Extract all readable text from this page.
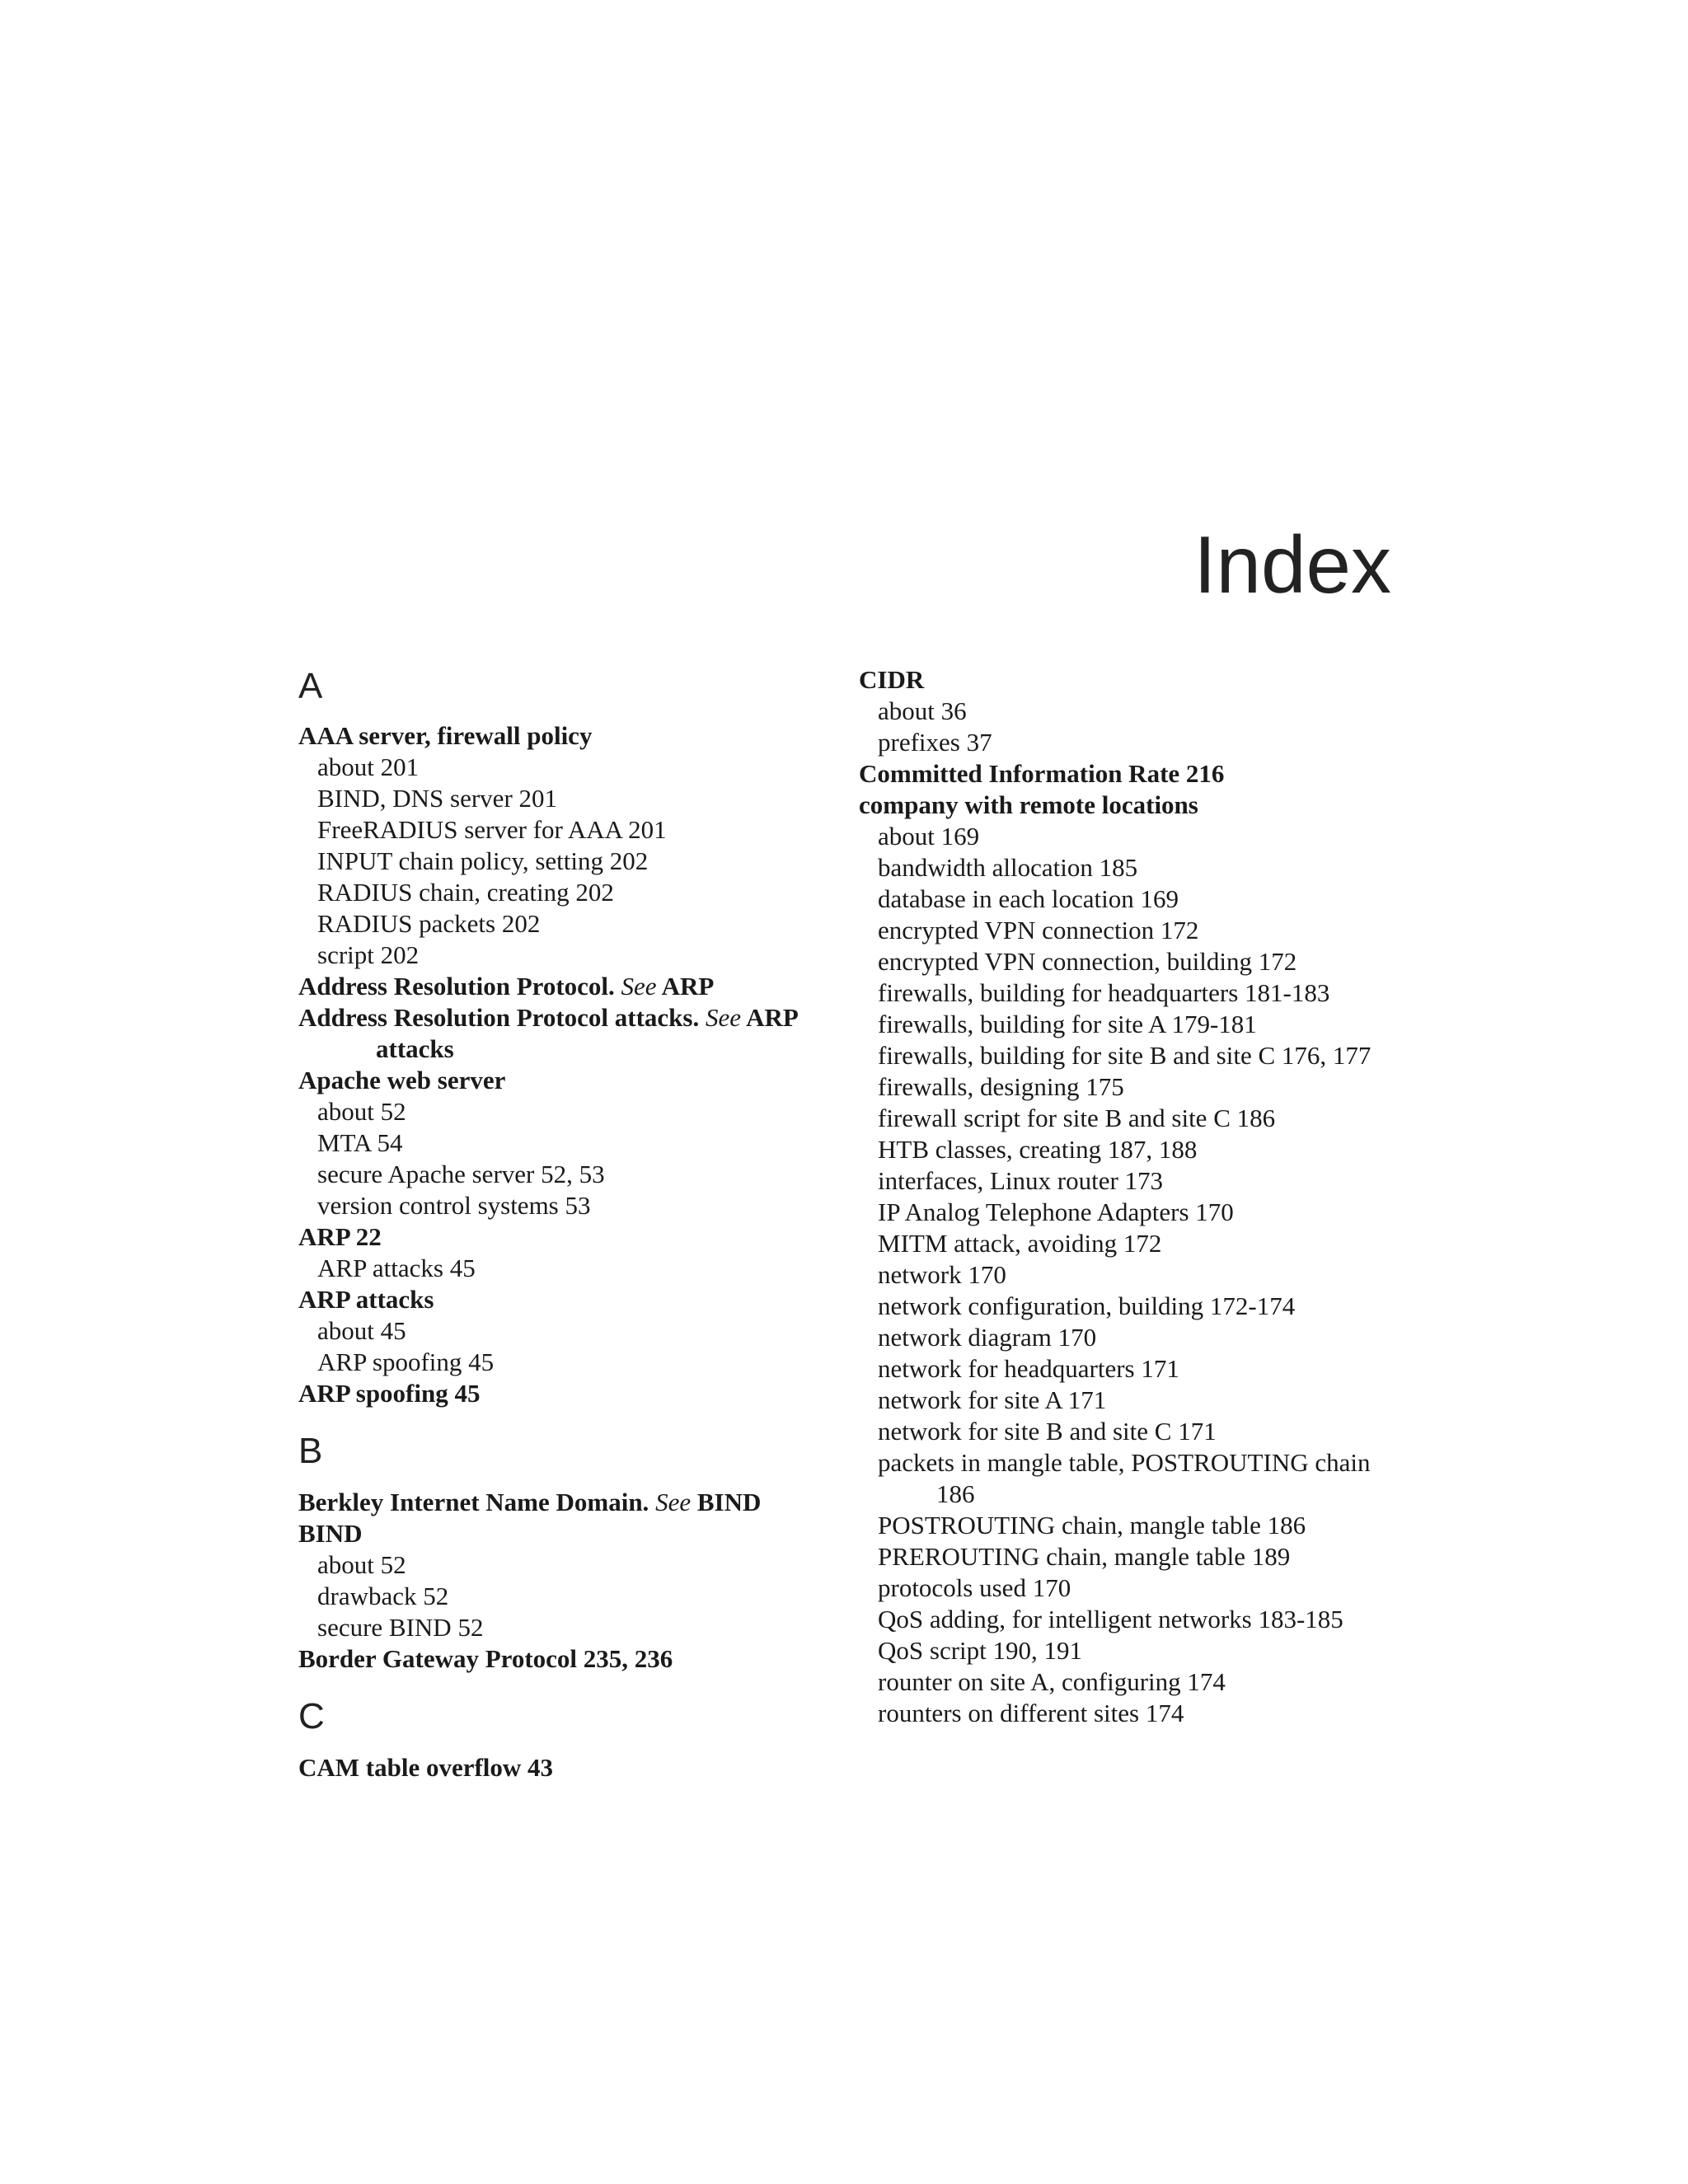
Index
A
AAA server, firewall policy
about 201
BIND, DNS server 201
FreeRADIUS server for AAA 201
INPUT chain policy, setting 202
RADIUS chain, creating 202
RADIUS packets 202
script 202
Address Resolution Protocol. See ARP
Address Resolution Protocol attacks. See ARP attacks
Apache web server
about 52
MTA 54
secure Apache server 52, 53
version control systems 53
ARP 22
ARP attacks 45
ARP attacks
about 45
ARP spoofing 45
ARP spoofing 45
B
Berkley Internet Name Domain. See BIND
BIND
about 52
drawback 52
secure BIND 52
Border Gateway Protocol 235, 236
C
CAM table overflow 43
CIDR
about 36
prefixes 37
Committed Information Rate 216
company with remote locations
about 169
bandwidth allocation 185
database in each location 169
encrypted VPN connection 172
encrypted VPN connection, building 172
firewalls, building for headquarters 181-183
firewalls, building for site A 179-181
firewalls, building for site B and site C 176, 177
firewalls, designing 175
firewall script for site B and site C 186
HTB classes, creating 187, 188
interfaces, Linux router 173
IP Analog Telephone Adapters 170
MITM attack, avoiding 172
network 170
network configuration, building 172-174
network diagram 170
network for headquarters 171
network for site A 171
network for site B and site C 171
packets in mangle table, POSTROUTING chain 186
POSTROUTING chain, mangle table 186
PREROUTING chain, mangle table 189
protocols used 170
QoS adding, for intelligent networks 183-185
QoS script 190, 191
rounter on site A, configuring 174
rounters on different sites 174
